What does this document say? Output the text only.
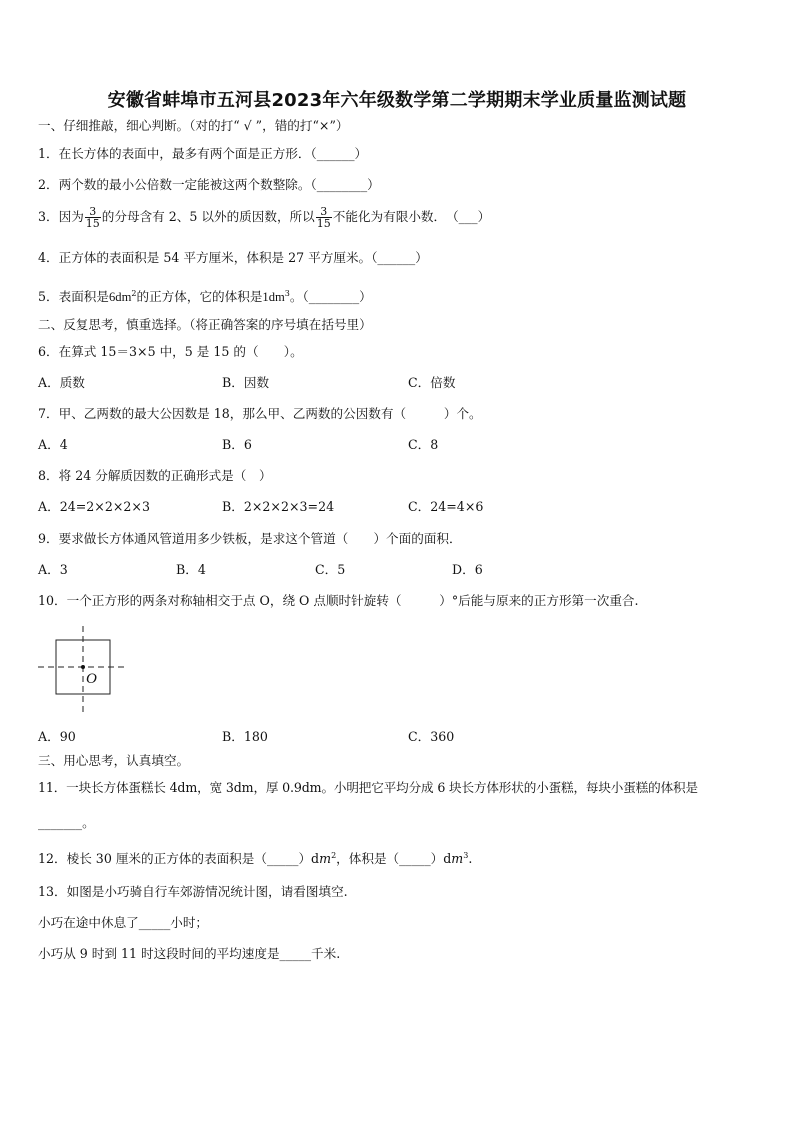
安徽省蚌埠市五河县2023年六年级数学第二学期期末学业质量监测试题
一、仔细推敲，细心判断。（对的打“ √ ”，错的打“×”）
1．在长方体的表面中，最多有两个面是正方形．（______）
2．两个数的最小公倍数一定能被这两个数整除。（________）
3．因为 $\frac{3}{15}$ 的分母含有 2、5 以外的质因数，所以 $\frac{3}{15}$ 不能化为有限小数．　（___）
4．正方体的表面积是 54 平方厘米，体积是 27 平方厘米。（______）
5．表面积是$6dm^2$的正方体，它的体积是$1dm^3$。（________）
二、反复思考，慎重选择。（将正确答案的序号填在括号里）
6．在算式 15＝3×5 中，5 是 15 的（　　）。
A．质数	B．因数	C．倍数
7．甲、乙两数的最大公因数是 18，那么甲、乙两数的公因数有（　　　）个。
A．4	B．6	C．8
8．将 24 分解质因数的正确形式是（　）
A．24=2×2×2×3	B．2×2×2×3=24	C．24=4×6
9．要求做长方体通风管道用多少铁板，是求这个管道（　　）个面的面积．
A．3	B．4	C．5	D．6
10．一个正方形的两条对称轴相交于点 O，绕 O 点顺时针旋转（　　　）°后能与原来的正方形第一次重合.
O
A．90	B．180	C．360
三、用心思考，认真填空。
11．一块长方体蛋糕长 4dm，宽 3dm，厚 0.9dm。小明把它平均分成 6 块长方体形状的小蛋糕，每块小蛋糕的体积是
_______。
12．棱长 30 厘米的正方体的表面积是$(\_\_\_\_\_)dm^2$，体积是$(\_\_\_\_\_)dm^3$.
13．如图是小巧骑自行车郊游情况统计图，请看图填空.
小巧在途中休息了_____小时；
小巧从 9 时到 11 时这段时间的平均速度是_____千米.
